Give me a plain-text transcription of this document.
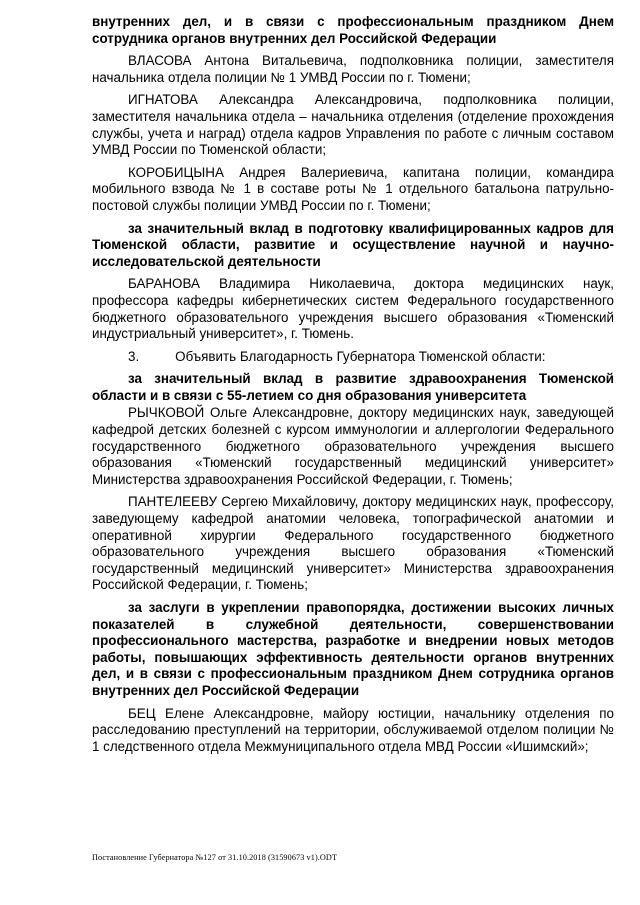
внутренних дел, и в связи с профессиональным праздником Днем сотрудника органов внутренних дел Российской Федерации

ВЛАСОВА Антона Витальевича, подполковника полиции, заместителя начальника отдела полиции № 1 УМВД России по г. Тюмени;

ИГНАТОВА Александра Александровича, подполковника полиции, заместителя начальника отдела – начальника отделения (отделение прохождения службы, учета и наград) отдела кадров Управления по работе с личным составом УМВД России по Тюменской области;

КОРОБИЦЫНА Андрея Валериевича, капитана полиции, командира мобильного взвода № 1 в составе роты № 1 отдельного батальона патрульно-постовой службы полиции УМВД России по г. Тюмени;

за значительный вклад в подготовку квалифицированных кадров для Тюменской области, развитие и осуществление научной и научно-исследовательской деятельности

БАРАНОВА Владимира Николаевича, доктора медицинских наук, профессора кафедры кибернетических систем Федерального государственного бюджетного образовательного учреждения высшего образования «Тюменский индустриальный университет», г. Тюмень.

3.	Объявить Благодарность Губернатора Тюменской области:

за значительный вклад в развитие здравоохранения Тюменской области и в связи с 55-летием со дня образования университета

РЫЧКОВОЙ Ольге Александровне, доктору медицинских наук, заведующей кафедрой детских болезней с курсом иммунологии и аллергологии Федерального государственного бюджетного образовательного учреждения высшего образования «Тюменский государственный медицинский университет» Министерства здравоохранения Российской Федерации, г. Тюмень;

ПАНТЕЛЕЕВУ Сергею Михайловичу, доктору медицинских наук, профессору, заведующему кафедрой анатомии человека, топографической анатомии и оперативной хирургии Федерального государственного бюджетного образовательного учреждения высшего образования «Тюменский государственный медицинский университет» Министерства здравоохранения Российской Федерации, г. Тюмень;

за заслуги в укреплении правопорядка, достижении высоких личных показателей в служебной деятельности, совершенствовании профессионального мастерства, разработке и внедрении новых методов работы, повышающих эффективность деятельности органов внутренних дел, и в связи с профессиональным праздником Днем сотрудника органов внутренних дел Российской Федерации

БЕЦ Елене Александровне, майору юстиции, начальнику отделения по расследованию преступлений на территории, обслуживаемой отделом полиции № 1 следственного отдела Межмуниципального отдела МВД России «Ишимский»;

Постановление Губернатора №127 от 31.10.2018 (31590673 v1).ODT
